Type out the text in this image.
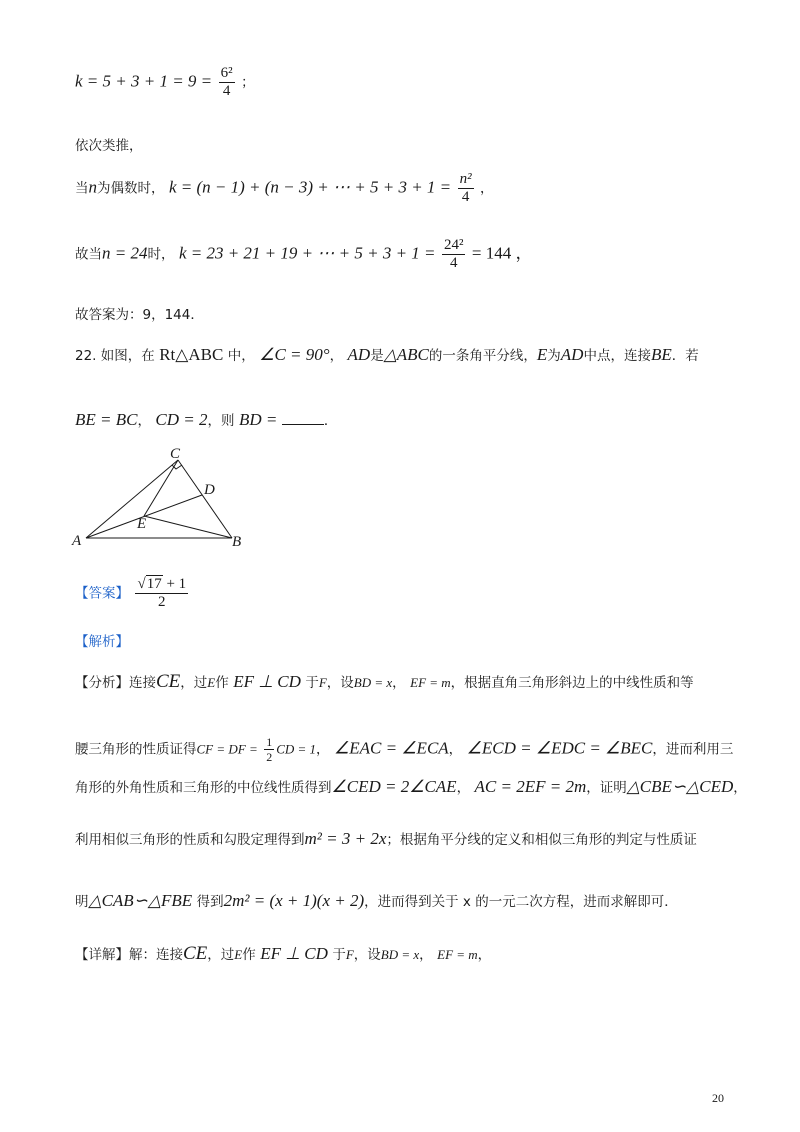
$k = 5 + 3 + 1 = 9 = \frac{\text{6²}}{4}$ ；
依次类推，
当n为偶数时， k = (n − 1) + (n − 3) + ⋯ + $5 + 3 + 1 = \frac{\text{n²}}{4}$ ，
故当n = 24时， k = 23 + 21 + 19 + ⋯ + $5 + 3 + 1 = \frac{\text{24²}}{4} = 144$ ，
故答案为：9，144．
22. 如图，在 Rt△ABC 中， ∠C = 90°， AD是△ABC的一条角平分线，E为AD中点，连接BE．若
BE = BC， CD = 2，则 BD =	．
A	B
C
D
E
【答案】 $\frac{√17 + 1}{2}$
【解析】
【分析】连接CE，过E作 EF ⊥ CD 于F，设BD = x， EF = m，根据直角三角形斜边上的中线性质和等
腰三角形的性质证得CF = DF = $\frac{1}{2}$ CD = 1， ∠EAC = ∠ECA， ∠ECD = ∠EDC = ∠BEC，进而利用三
角形的外角性质和三角形的中位线性质得到∠CED = 2∠CAE， AC = 2EF = 2m，证明△CBE∽△CED，
利用相似三角形的性质和勾股定理得到m² = 3 + 2x；根据角平分线的定义和相似三角形的判定与性质证
明△CAB∽△FBE 得到2m² = (x + 1)(x + 2)，进而得到关于 x 的一元二次方程，进而求解即可．
【详解】解：连接CE，过E作 EF ⊥ CD 于F，设BD = x， EF = m，
20
